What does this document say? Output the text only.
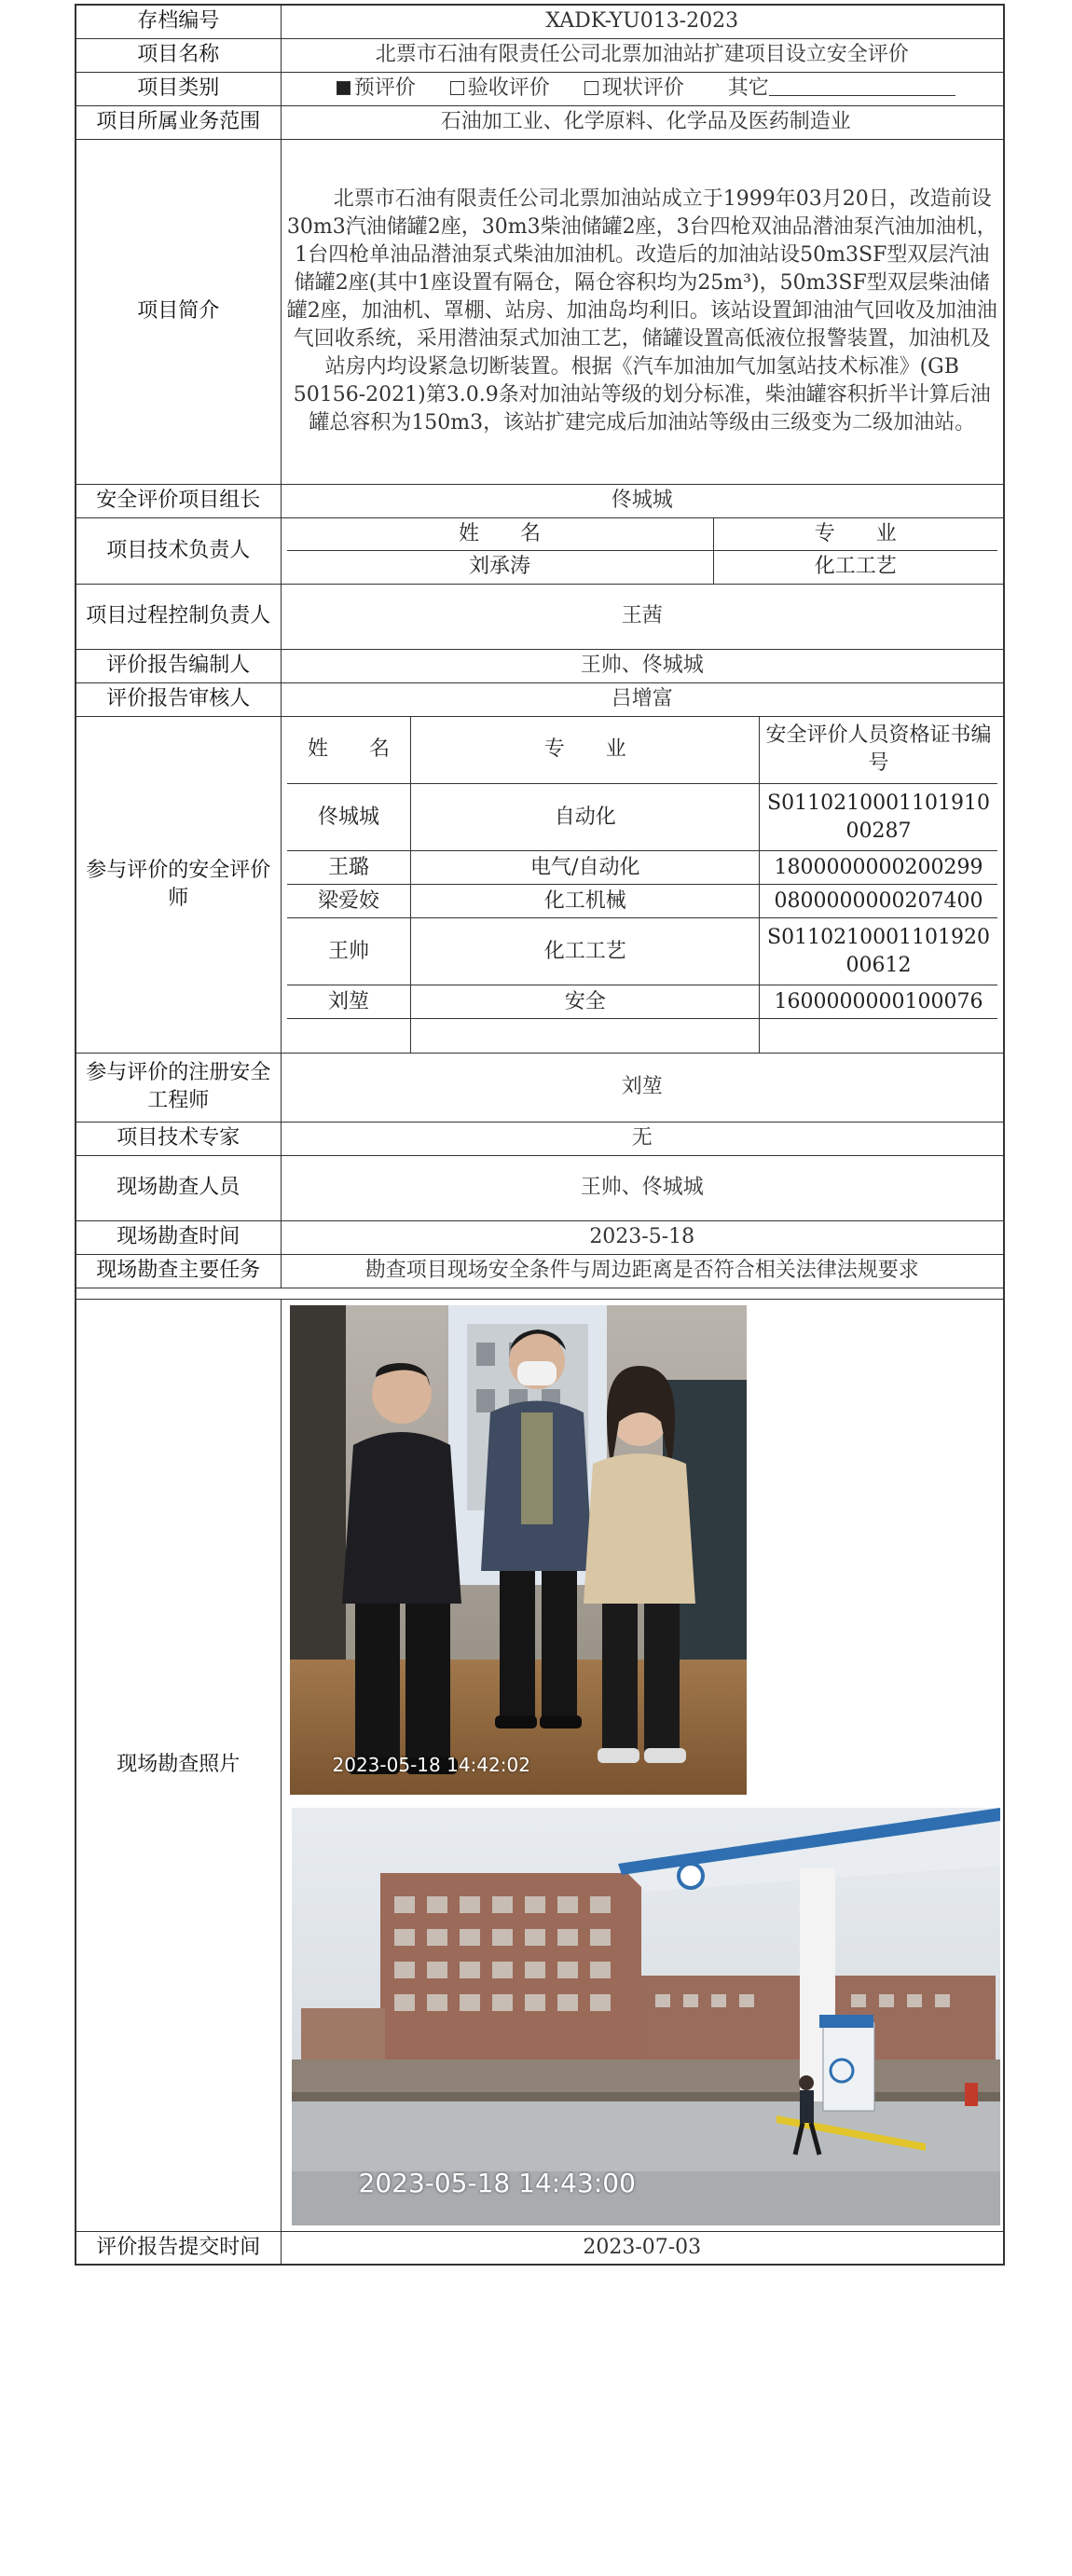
存档编号	XADK-YU013-2023
项目名称	北票市石油有限责任公司北票加油站扩建项目设立安全评价
项目类别	预评价	验收评价	现状评价 其它
项目所属业务范围	石油加工业、化学原料、化学品及医药制造业
项目简介	北票市石油有限责任公司北票加油站成立于1999年03月20日，改造前设30m3汽油储罐2座，30m3柴油储罐2座，3台四枪双油品潜油泵汽油加油机，1台四枪单油品潜油泵式柴油加油机。改造后的加油站设50m3SF型双层汽油储罐2座(其中1座设置有隔仓，隔仓容积均为25m³)，50m3SF型双层柴油储罐2座，加油机、罩棚、站房、加油岛均利旧。该站设置卸油油气回收及加油油气回收系统，采用潜油泵式加油工艺，储罐设置高低液位报警装置，加油机及站房内均设紧急切断装置。根据《汽车加油加气加氢站技术标准》(GB 50156-2021)第3.0.9条对加油站等级的划分标准，柴油罐容积折半计算后油罐总容积为150m3，该站扩建完成后加油站等级由三级变为二级加油站。
安全评价项目组长	佟城城
项目技术负责人	
姓　　名	专　　业
刘承涛	化工工艺

项目过程控制负责人	王茜
评价报告编制人	王帅、佟城城
评价报告审核人	吕增富
参与评价的安全评价师	
姓　　名	专　　业	安全评价人员资格证书编号
佟城城	自动化	S011021000110191000287
王璐	电气/自动化	1800000000200299
梁爱姣	化工机械	0800000000207400
王帅	化工工艺	S011021000110192000612
刘堃	安全	1600000000100076

参与评价的注册安全工程师	刘堃
项目技术专家	无
现场勘查人员	王帅、佟城城
现场勘查时间	2023-5-18
现场勘查主要任务	勘查项目现场安全条件与周边距离是否符合相关法律法规要求

现场勘查照片	2023-05-18 14:42:02
2023-05-18 14:43:00

评价报告提交时间	2023-07-03
